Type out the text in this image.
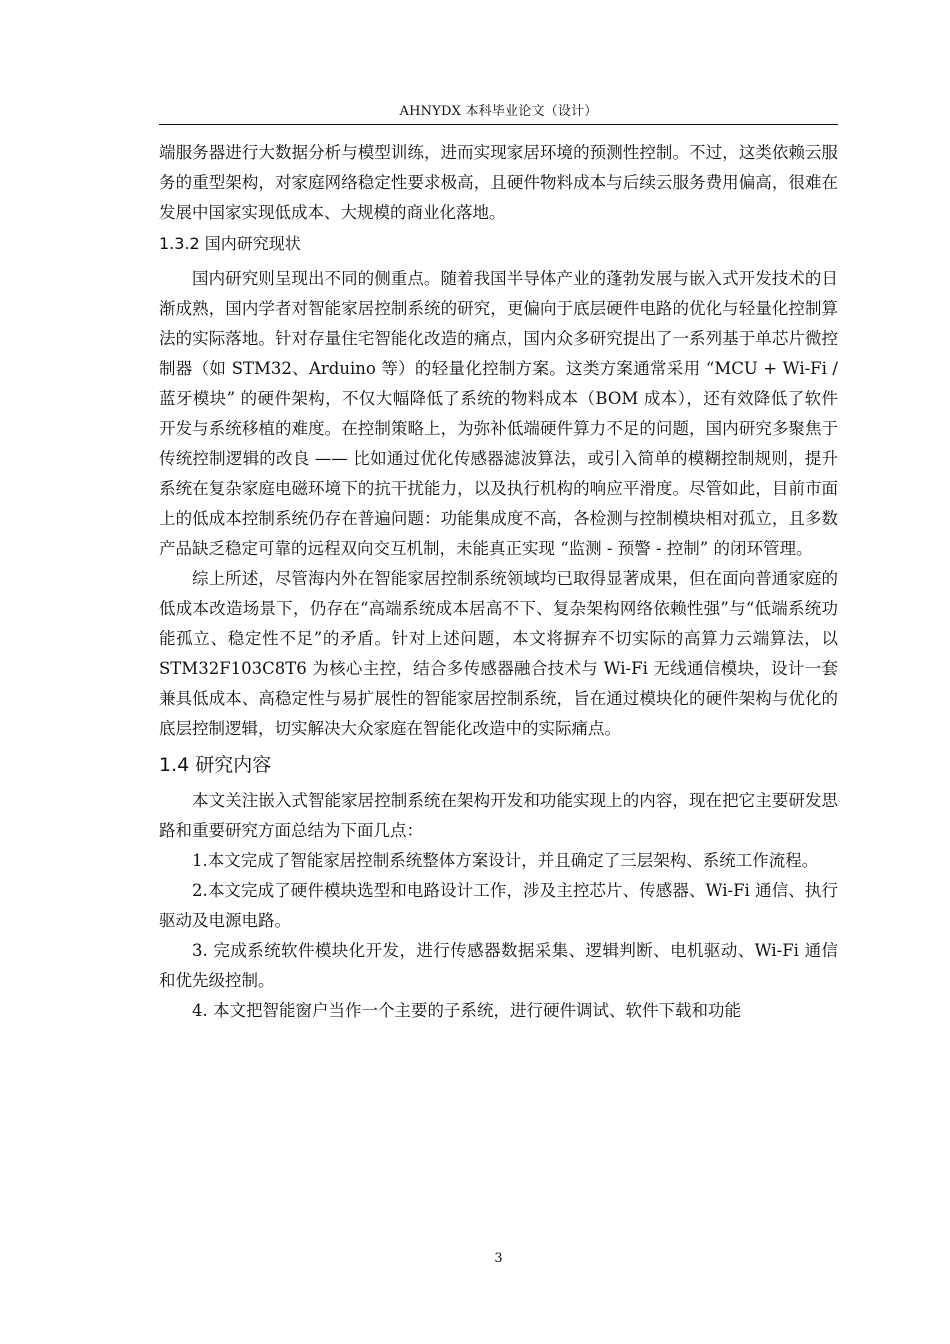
AHNYDX 本科毕业论文（设计）

端服务器进行大数据分析与模型训练，进而实现家居环境的预测性控制。不过，这类依赖云服务的重型架构，对家庭网络稳定性要求极高，且硬件物料成本与后续云服务费用偏高，很难在发展中国家实现低成本、大规模的商业化落地。

1.3.2 国内研究现状

国内研究则呈现出不同的侧重点。随着我国半导体产业的蓬勃发展与嵌入式开发技术的日渐成熟，国内学者对智能家居控制系统的研究，更偏向于底层硬件电路的优化与轻量化控制算法的实际落地。针对存量住宅智能化改造的痛点，国内众多研究提出了一系列基于单芯片微控制器（如 STM32、Arduino 等）的轻量化控制方案。这类方案通常采用 “MCU + Wi-Fi / 蓝牙模块” 的硬件架构，不仅大幅降低了系统的物料成本（BOM 成本），还有效降低了软件开发与系统移植的难度。在控制策略上，为弥补低端硬件算力不足的问题，国内研究多聚焦于传统控制逻辑的改良 —— 比如通过优化传感器滤波算法，或引入简单的模糊控制规则，提升系统在复杂家庭电磁环境下的抗干扰能力，以及执行机构的响应平滑度。尽管如此，目前市面上的低成本控制系统仍存在普遍问题：功能集成度不高，各检测与控制模块相对孤立，且多数产品缺乏稳定可靠的远程双向交互机制，未能真正实现 “监测 - 预警 - 控制” 的闭环管理。

综上所述，尽管海内外在智能家居控制系统领域均已取得显著成果，但在面向普通家庭的低成本改造场景下，仍存在“高端系统成本居高不下、复杂架构网络依赖性强”与“低端系统功能孤立、稳定性不足”的矛盾。针对上述问题，本文将摒弃不切实际的高算力云端算法，以 STM32F103C8T6 为核心主控，结合多传感器融合技术与 Wi-Fi 无线通信模块，设计一套兼具低成本、高稳定性与易扩展性的智能家居控制系统，旨在通过模块化的硬件架构与优化的底层控制逻辑，切实解决大众家庭在智能化改造中的实际痛点。

1.4 研究内容

本文关注嵌入式智能家居控制系统在架构开发和功能实现上的内容，现在把它主要研发思路和重要研究方面总结为下面几点：

1.本文完成了智能家居控制系统整体方案设计，并且确定了三层架构、系统工作流程。

2.本文完成了硬件模块选型和电路设计工作，涉及主控芯片、传感器、Wi-Fi 通信、执行驱动及电源电路。

3. 完成系统软件模块化开发，进行传感器数据采集、逻辑判断、电机驱动、Wi-Fi 通信和优先级控制。

4. 本文把智能窗户当作一个主要的子系统，进行硬件调试、软件下载和功能

3
